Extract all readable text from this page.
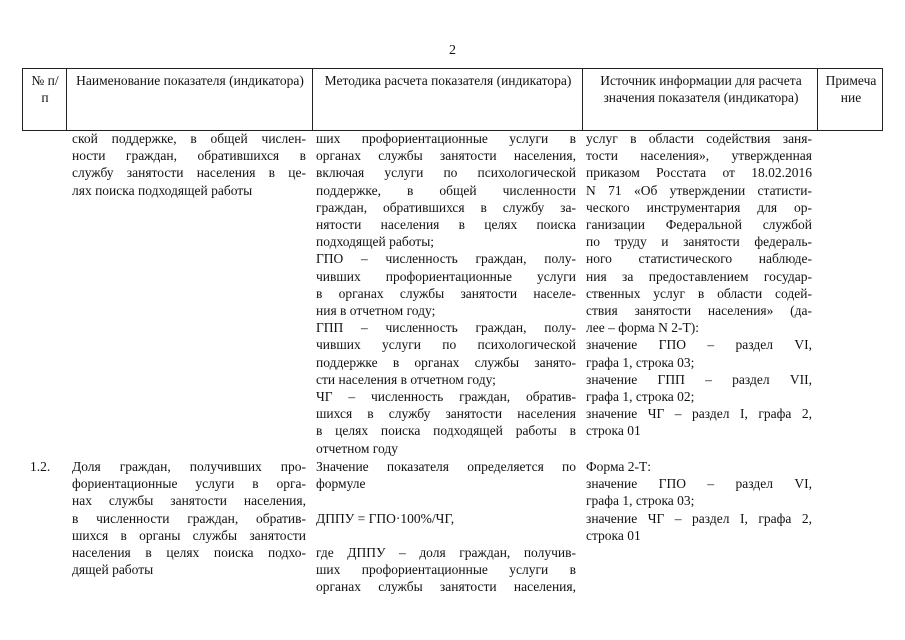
2
№ п/п
Наименование показателя (индикатора) Методика расчета показателя (индикатора)	Источник информации для расчета значения показателя (индикатора)
Примечание

ской поддержке, в общей числен-

ности граждан, обратившихся в

службу занятости населения в це-

лях поиска подходящей работы

ших профориентационные услуги в

органах службы занятости населения,

включая услуги по психологической

поддержке, в общей численности

граждан, обратившихся в службу за-

нятости населения в целях поиска

подходящей работы;

ГПО – численность граждан, полу-

чивших профориентационные услуги

в органах службы занятости населе-

ния в отчетном году;

ГПП – численность граждан, полу-

чивших услуги по психологической

поддержке в органах службы занято-

сти населения в отчетном году;

ЧГ – численность граждан, обратив-

шихся в службу занятости населения

в целях поиска подходящей работы в

отчетном году

услуг в области содействия заня-

тости населения», утвержденная

приказом Росстата от 18.02.2016

N 71 «Об утверждении статисти-

ческого инструментария для ор-

ганизации Федеральной службой

по труду и занятости федераль-

ного статистического наблюде-

ния за предоставлением государ-

ственных услуг в области содей-

ствия занятости населения» (да-

лее – форма N 2-Т):

значение ГПО – раздел VI,

графа 1, строка 03;

значение ГПП – раздел VII,

графа 1, строка 02;

значение ЧГ – раздел I, графа 2,

строка 01

1.2.	Доля граждан, получивших про-

фориентационные услуги в орга-

нах службы занятости населения,

в численности граждан, обратив-

шихся в органы службы занятости

населения в целях поиска подхо-

дящей работы

Значение показателя определяется по

формуле

ДППУ = ГПО·100%/ЧГ,

где ДППУ – доля граждан, получив-

ших профориентационные услуги в

органах службы занятости населения,

Форма 2-Т:

значение ГПО – раздел VI,

графа 1, строка 03;

значение ЧГ – раздел I, графа 2,

строка 01
